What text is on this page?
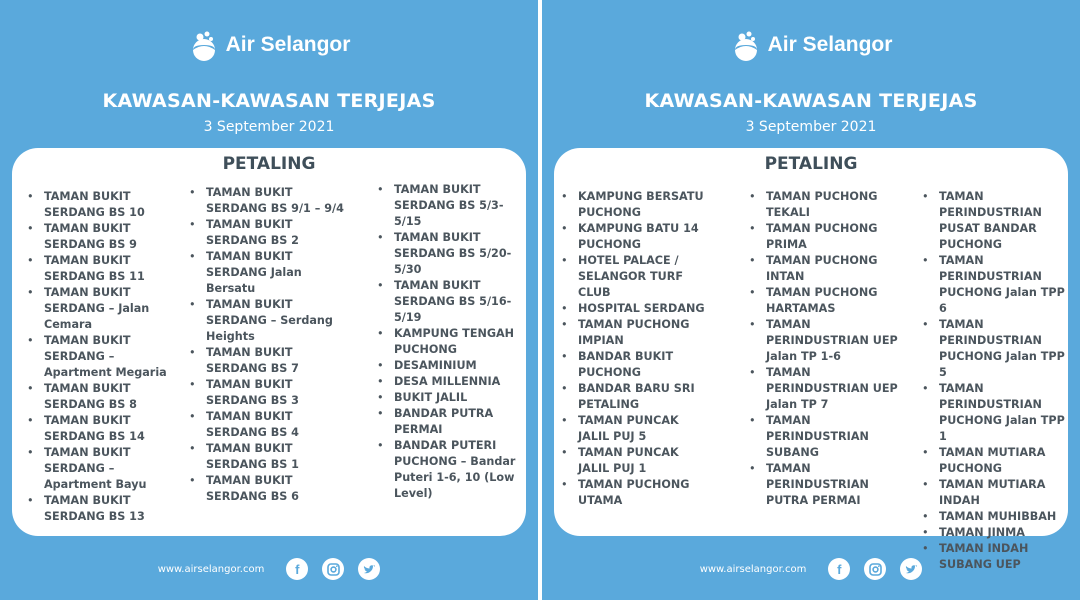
Air Selangor
KAWASAN-KAWASAN TERJEJAS
3 September 2021
PETALING
• TAMAN BUKIT
SERDANG BS 10
• TAMAN BUKIT
SERDANG BS 9
• TAMAN BUKIT
SERDANG BS 11
• TAMAN BUKIT
SERDANG – Jalan
Cemara
• TAMAN BUKIT
SERDANG –
Apartment Megaria
• TAMAN BUKIT
SERDANG BS 8
• TAMAN BUKIT
SERDANG BS 14
• TAMAN BUKIT
SERDANG –
Apartment Bayu
• TAMAN BUKIT
SERDANG BS 13
• TAMAN BUKIT
SERDANG BS 9/1 – 9/4
• TAMAN BUKIT
SERDANG BS 2
• TAMAN BUKIT
SERDANG Jalan
Bersatu
• TAMAN BUKIT
SERDANG – Serdang
Heights
• TAMAN BUKIT
SERDANG BS 7
• TAMAN BUKIT
SERDANG BS 3
• TAMAN BUKIT
SERDANG BS 4
• TAMAN BUKIT
SERDANG BS 1
• TAMAN BUKIT
SERDANG BS 6
• TAMAN BUKIT
SERDANG BS 5/3-5/15
• TAMAN BUKIT
SERDANG BS 5/20-
5/30
• TAMAN BUKIT
SERDANG BS 5/16-
5/19
• KAMPUNG TENGAH
PUCHONG
• DESAMINIUM
• DESA MILLENNIA
• BUKIT JALIL
• BANDAR PUTRA
PERMAI
• BANDAR PUTERI
PUCHONG – Bandar
Puteri 1-6, 10 (Low
Level)
www.airselangor.com	f
Air Selangor
KAWASAN-KAWASAN TERJEJAS
3 September 2021
PETALING
• KAMPUNG BERSATU
PUCHONG
• KAMPUNG BATU 14
PUCHONG
• HOTEL PALACE /
SELANGOR TURF
CLUB
• HOSPITAL SERDANG
• TAMAN PUCHONG
IMPIAN
• BANDAR BUKIT
PUCHONG
• BANDAR BARU SRI
PETALING
• TAMAN PUNCAK
JALIL PUJ 5
• TAMAN PUNCAK
JALIL PUJ 1
• TAMAN PUCHONG
UTAMA
• TAMAN PUCHONG
TEKALI
• TAMAN PUCHONG
PRIMA
• TAMAN PUCHONG
INTAN
• TAMAN PUCHONG
HARTAMAS
• TAMAN
PERINDUSTRIAN UEP
Jalan TP 1-6
• TAMAN
PERINDUSTRIAN UEP
Jalan TP 7
• TAMAN
PERINDUSTRIAN
SUBANG
• TAMAN
PERINDUSTRIAN
PUTRA PERMAI
• TAMAN
PERINDUSTRIAN
PUSAT BANDAR
PUCHONG
• TAMAN
PERINDUSTRIAN
PUCHONG Jalan TPP 6
• TAMAN
PERINDUSTRIAN
PUCHONG Jalan TPP 5
• TAMAN
PERINDUSTRIAN
PUCHONG Jalan TPP 1
• TAMAN MUTIARA
PUCHONG
• TAMAN MUTIARA
INDAH
• TAMAN MUHIBBAH
• TAMAN JINMA
• TAMAN INDAH
SUBANG UEP
www.airselangor.com	f
